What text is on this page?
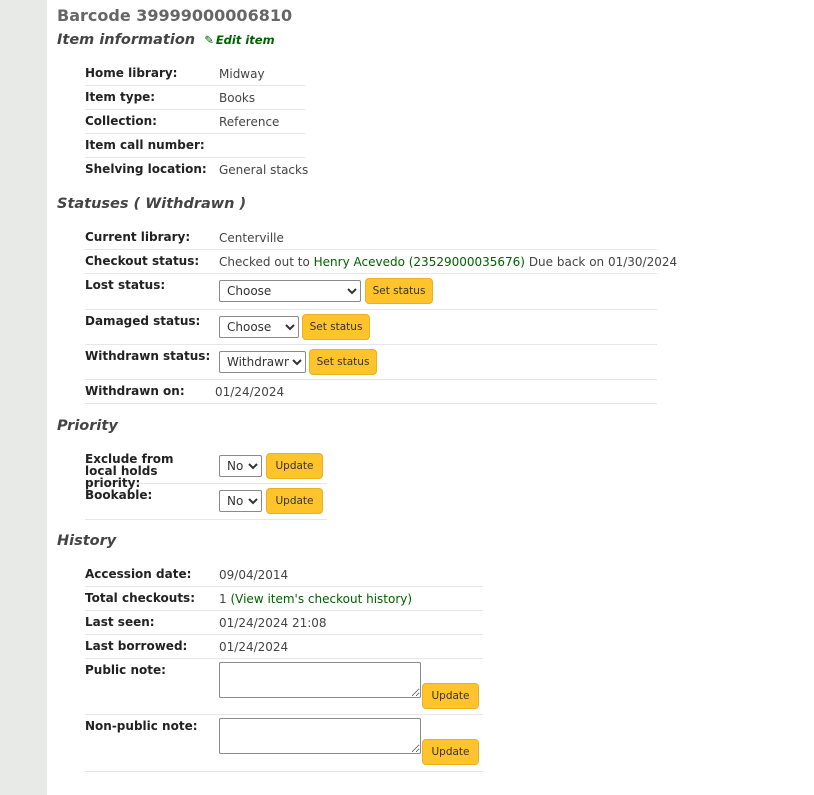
Barcode 39999000006810
Item information ✎ Edit item
Home library:	Midway
Item type:	Books
Collection:	Reference
Item call number:
Shelving location:	General stacks
Statuses ( Withdrawn )
Current library:	Centerville
Checkout status:	Checked out to Henry Acevedo (23529000035676) Due back on 01/30/2024
Lost status:
Choose	Set status
Damaged status:
Choose	Set status
Withdrawn status:
Withdrawn	Set status
Withdrawn on:	01/24/2024
Priority
Exclude from local holds priority:
No
Update
Bookable:
No	Update
History
Accession date:	09/04/2014
Total checkouts:	1 (View item's checkout history)
Last seen:	01/24/2024 21:08
Last borrowed:	01/24/2024
Public note:
Update
Non-public note:
Update
